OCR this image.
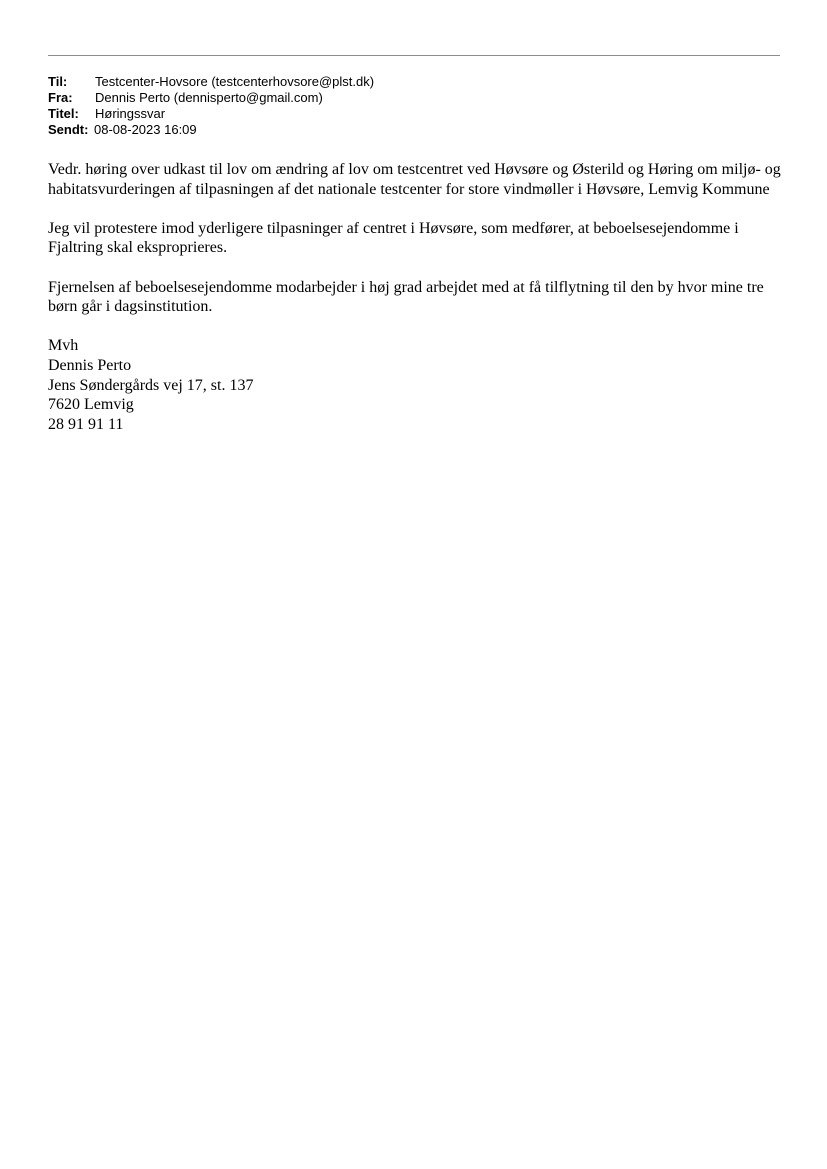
Til:	Testcenter-Hovsore (testcenterhovsore@plst.dk)
Fra:	Dennis Perto (dennisperto@gmail.com)
Titel:	Høringssvar
Sendt: 08-08-2023 16:09

Vedr. høring over udkast til lov om ændring af lov om testcentret ved Høvsøre og Østerild og Høring om miljø- og habitatsvurderingen af tilpasningen af det nationale testcenter for store vindmøller i Høvsøre, Lemvig Kommune

Jeg vil protestere imod yderligere tilpasninger af centret i Høvsøre, som medfører, at beboelsesejendomme i Fjaltring skal eksproprieres.

Fjernelsen af beboelsesejendomme modarbejder i høj grad arbejdet med at få tilflytning til den by hvor mine tre børn går i dagsinstitution.

Mvh
Dennis Perto
Jens Søndergårds vej 17, st. 137
7620 Lemvig
28 91 91 11
